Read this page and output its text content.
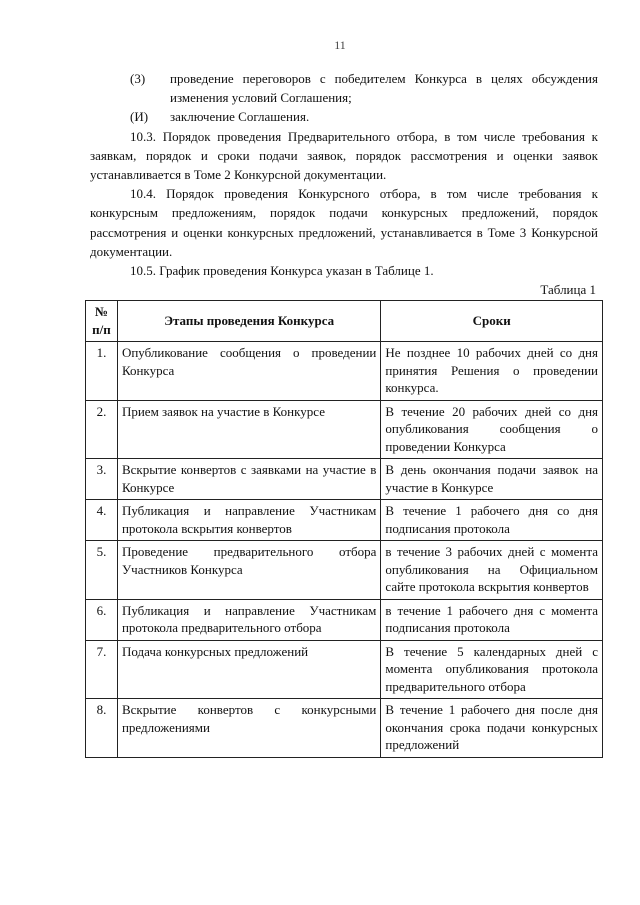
11

(3)	проведение переговоров с победителем Конкурса в целях обсуждения изменения условий Соглашения;

(И)	заключение Соглашения.

10.3. Порядок проведения Предварительного отбора, в том числе требования к заявкам, порядок и сроки подачи заявок, порядок рассмотрения и оценки заявок устанавливается в Томе 2 Конкурсной документации.

10.4. Порядок проведения Конкурсного отбора, в том числе требования к конкурсным предложениям, порядок подачи конкурсных предложений, порядок рассмотрения и оценки конкурсных предложений, устанавливается в Томе 3 Конкурсной документации.

10.5. График проведения Конкурса указан в Таблице 1.

Таблица 1

№ п/п	Этапы проведения Конкурса	Сроки
1.	Опубликование сообщения о проведении Конкурса	Не позднее 10 рабочих дней со дня принятия Решения о проведении конкурса.
2.	Прием заявок на участие в Конкурсе	В течение 20 рабочих дней со дня опубликования сообщения о проведении Конкурса
3.	Вскрытие конвертов с заявками на участие в Конкурсе	В день окончания подачи заявок на участие в Конкурсе
4.	Публикация и направление Участникам протокола вскрытия конвертов	В течение 1 рабочего дня со дня подписания протокола
5.	Проведение предварительного отбора Участников Конкурса	в течение 3 рабочих дней с момента опубликования на Официальном сайте протокола вскрытия конвертов
6.	Публикация и направление Участникам протокола предварительного отбора	в течение 1 рабочего дня с момента подписания протокола
7.	Подача конкурсных предложений	В течение 5 календарных дней с момента опубликования протокола предварительного отбора
8.	Вскрытие конвертов с конкурсными предложениями	В течение 1 рабочего дня после дня окончания срока подачи конкурсных предложений
